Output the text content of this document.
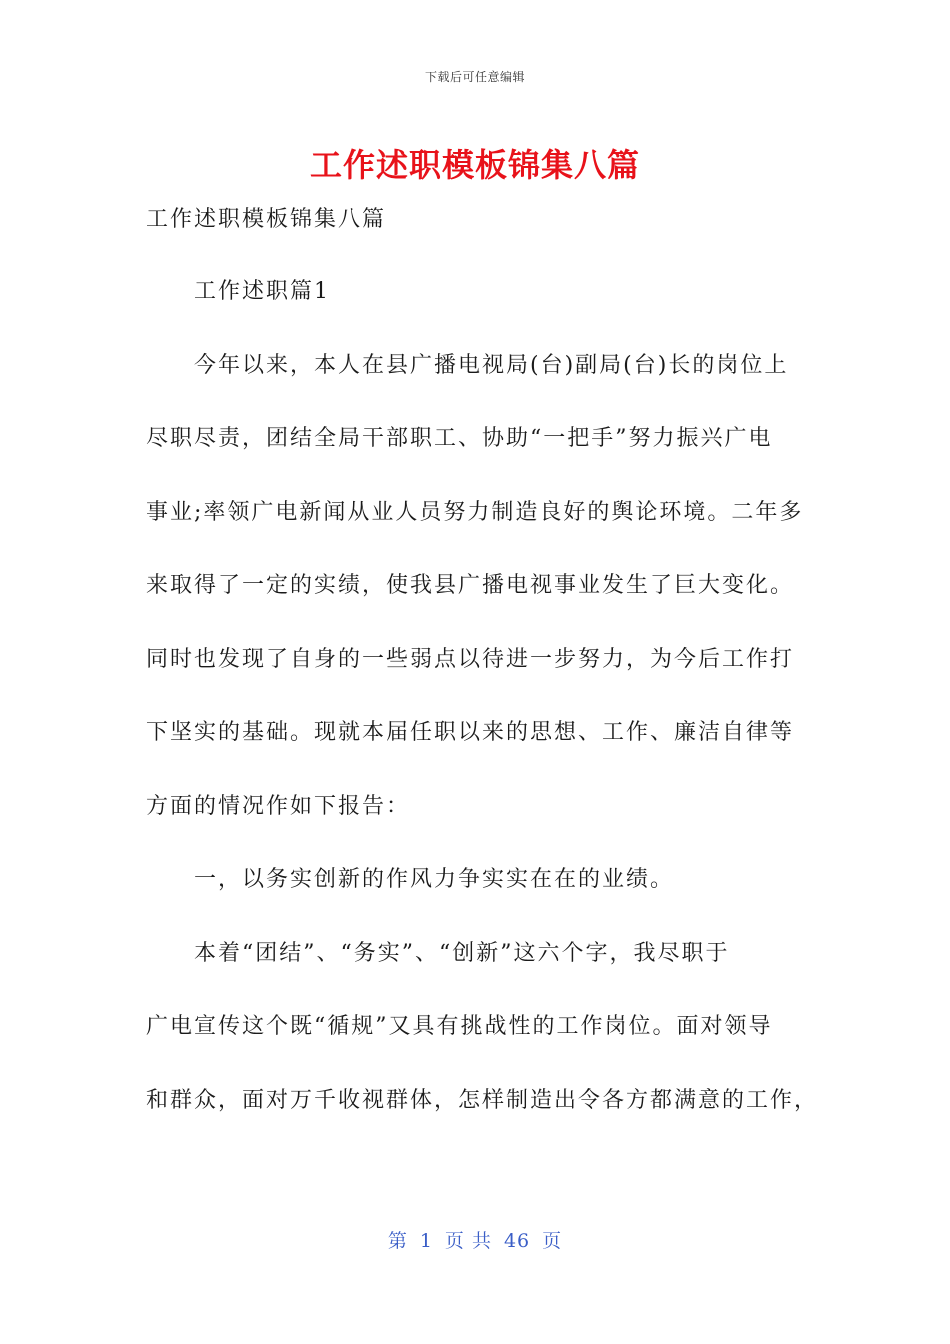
下载后可任意编辑
工作述职模板锦集八篇

工作述职模板锦集八篇

工作述职篇1

今年以来，本人在县广播电视局(台)副局(台)长的岗位上

尽职尽责，团结全局干部职工、协助“一把手”努力振兴广电

事业;率领广电新闻从业人员努力制造良好的舆论环境。二年多

来取得了一定的实绩，使我县广播电视事业发生了巨大变化。

同时也发现了自身的一些弱点以待进一步努力，为今后工作打

下坚实的基础。现就本届任职以来的思想、工作、廉洁自律等

方面的情况作如下报告：

一，以务实创新的作风力争实实在在的业绩。

本着“团结”、“务实”、“创新”这六个字，我尽职于

广电宣传这个既“循规”又具有挑战性的工作岗位。面对领导

和群众，面对万千收视群体，怎样制造出令各方都满意的工作，

第 1 页 共 46 页
